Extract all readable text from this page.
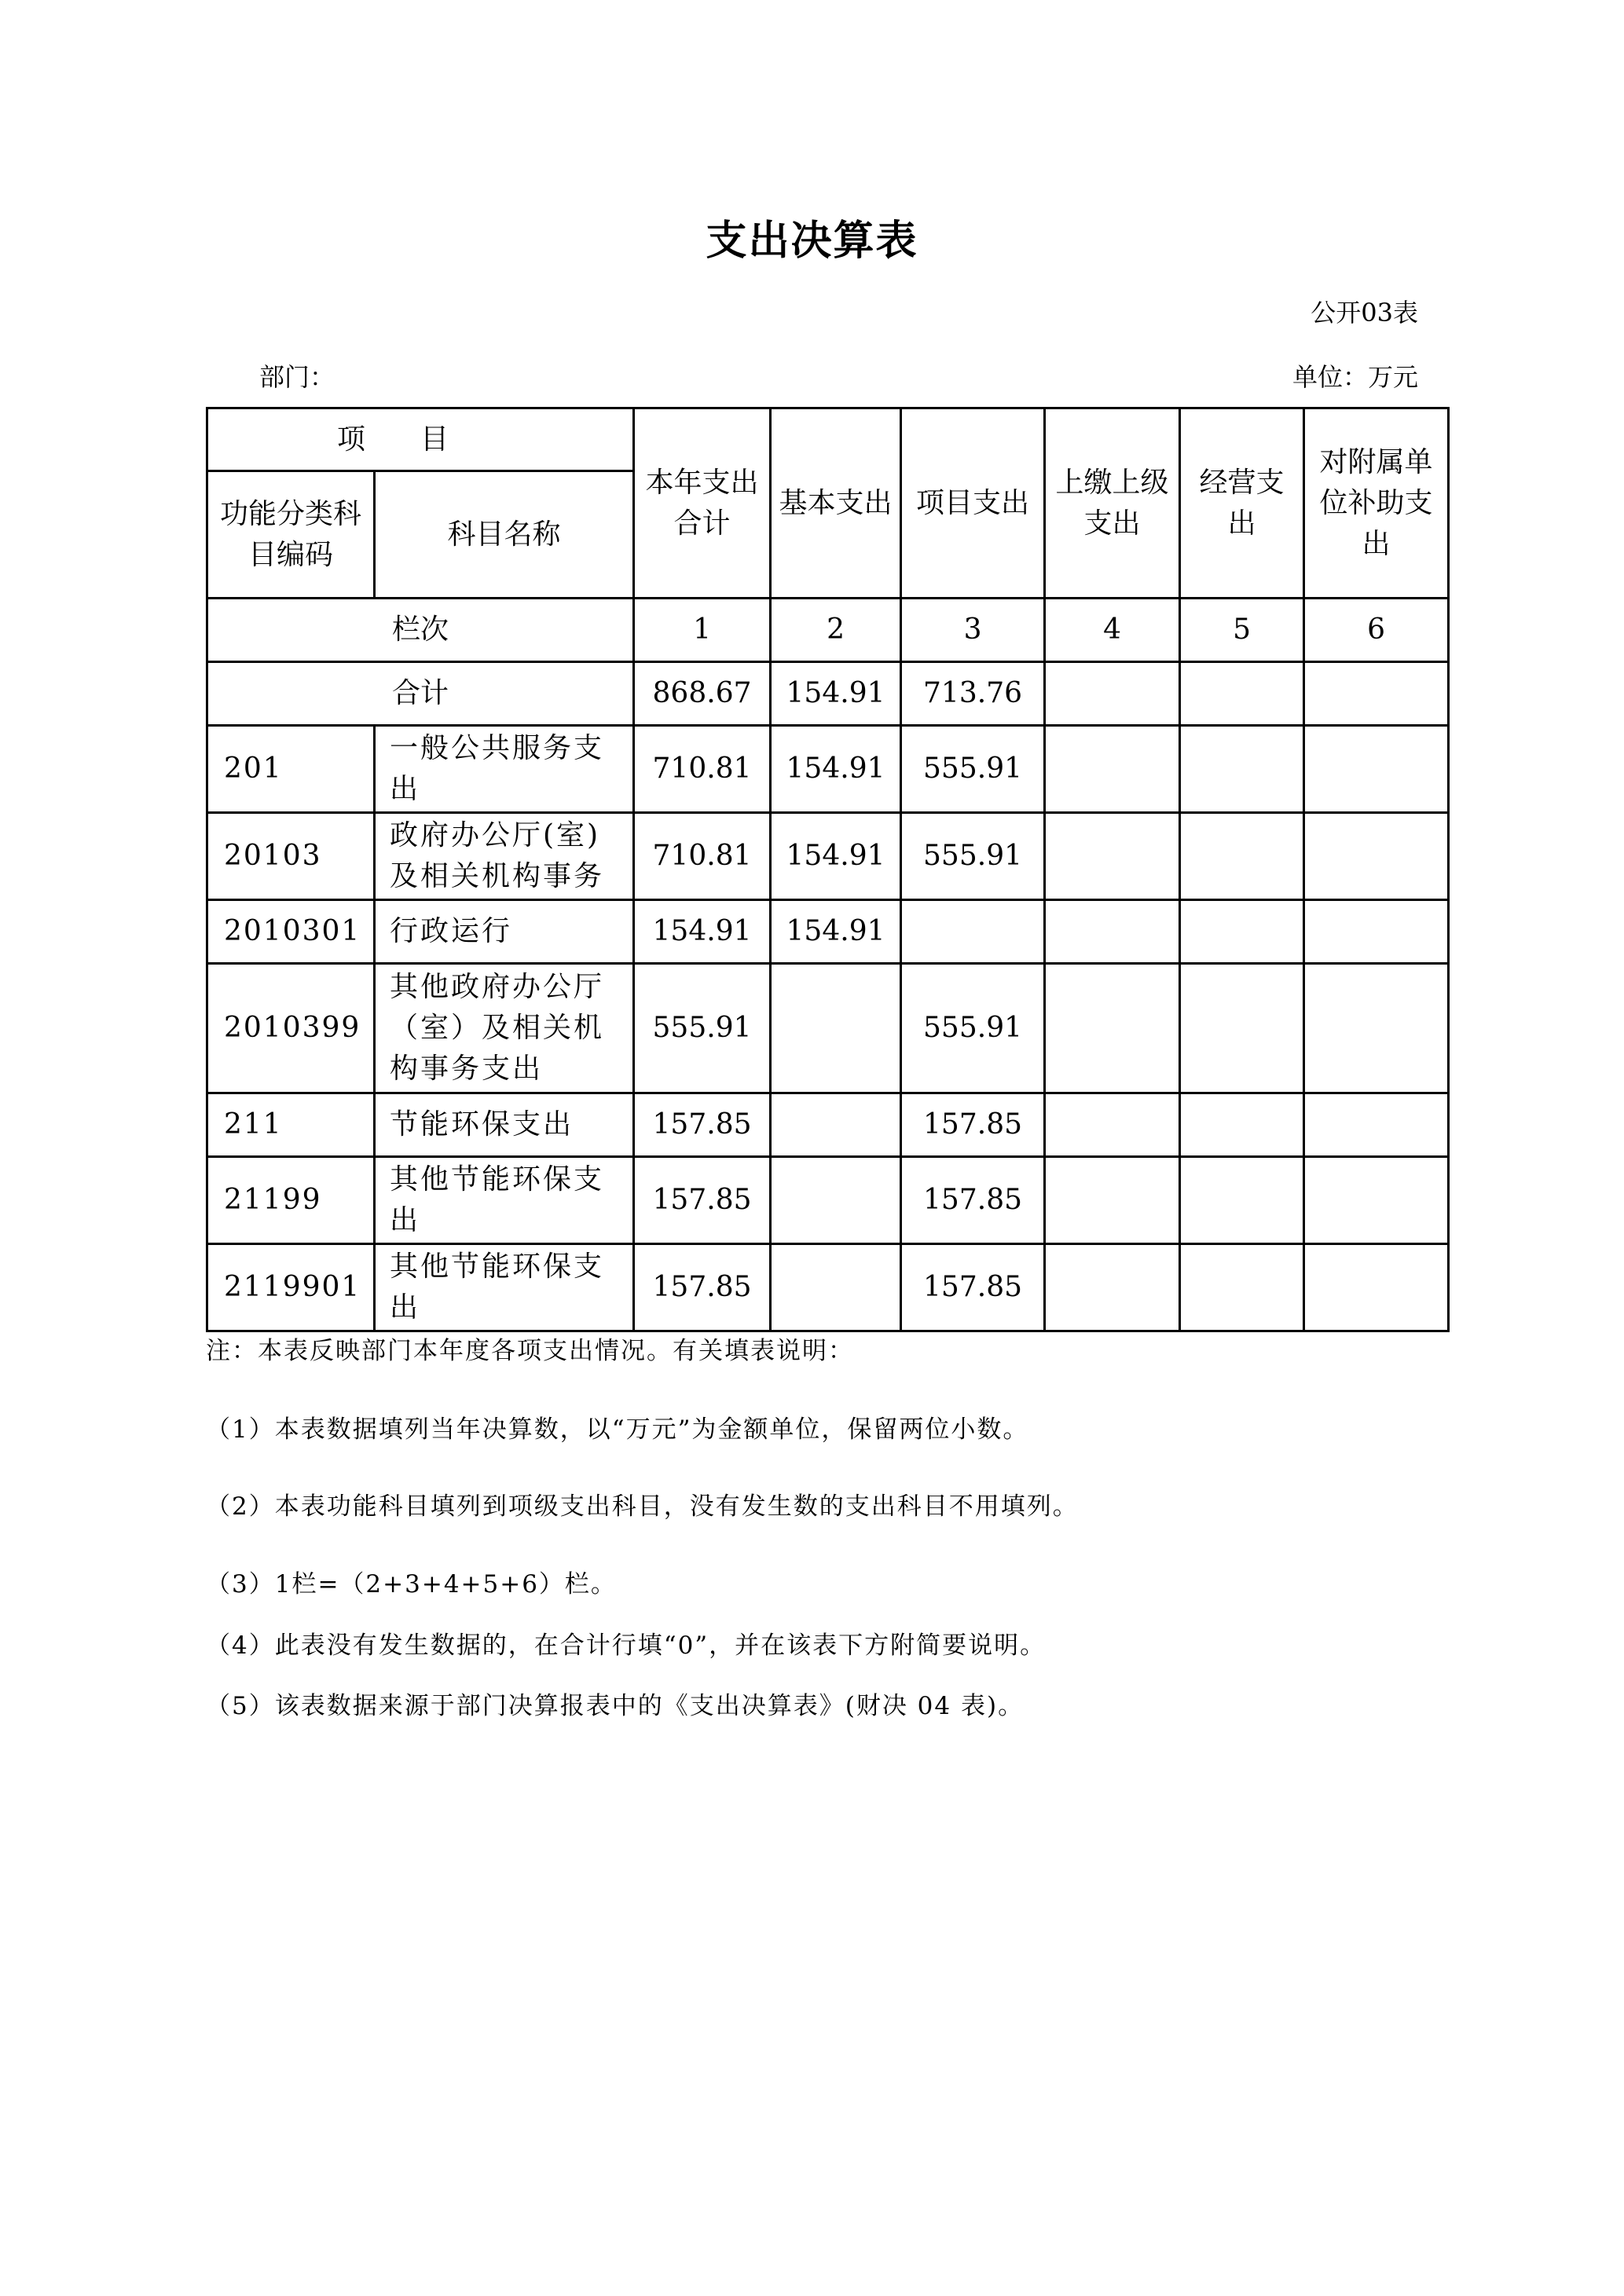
支出决算表
公开03表
部门：	单位：万元
项目		本年支出合计	基本支出	项目支出	上缴上级支出	经营支出	对附属单位补助支出
功能分类科目编码	科目名称						
栏次		1	2	3	4	5	6
合计		868.67	154.91	713.76			
201	一般公共服务支出	710.81	154.91	555.91			
20103	政府办公厅(室)及相关机构事务	710.81	154.91	555.91			
2010301	行政运行	154.91	154.91				
2010399	其他政府办公厅（室）及相关机构事务支出	555.91		555.91			
211	节能环保支出	157.85		157.85			
21199	其他节能环保支出	157.85		157.85			
2119901	其他节能环保支出	157.85		157.85			
注：本表反映部门本年度各项支出情况。有关填表说明：
（1）本表数据填列当年决算数，以“万元”为金额单位，保留两位小数。
（2）本表功能科目填列到项级支出科目，没有发生数的支出科目不用填列。
（3）1栏=（2+3+4+5+6）栏。
（4）此表没有发生数据的，在合计行填“0”，并在该表下方附简要说明。
（5）该表数据来源于部门决算报表中的《支出决算表》(财决 04 表)。
